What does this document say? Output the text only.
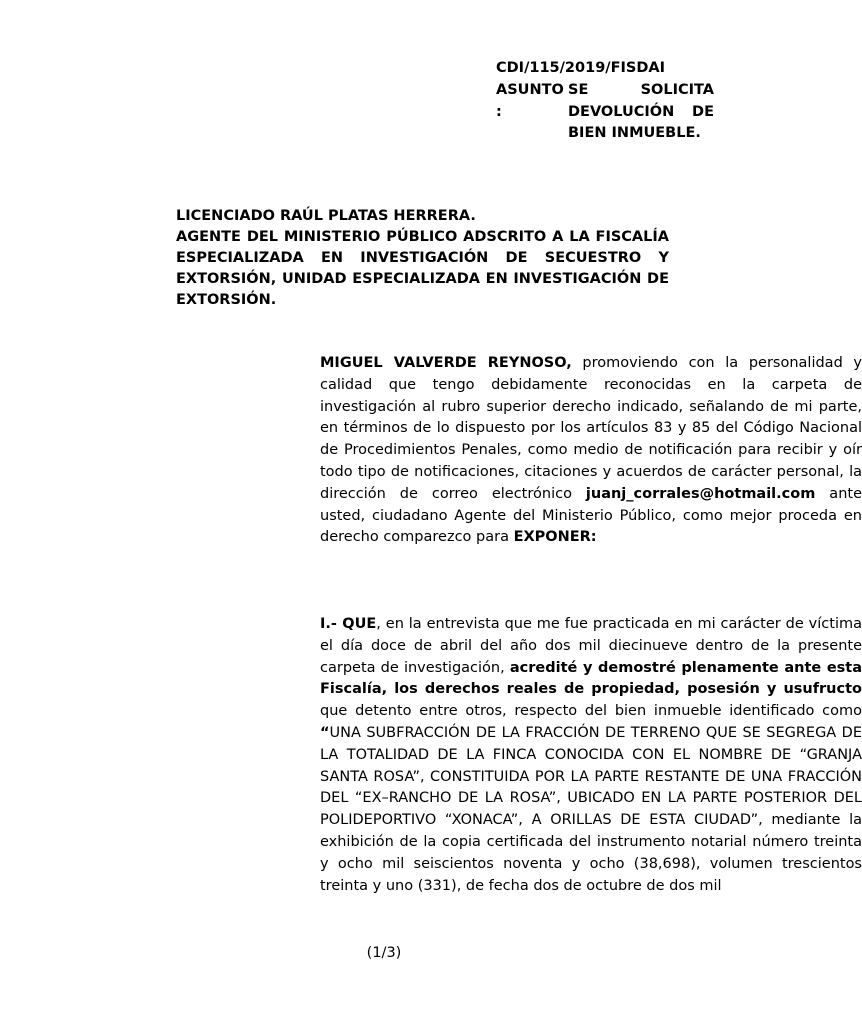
CDI/115/2019/FISDAI
ASUNTO :
SE SOLICITA DEVOLUCIÓN DE BIEN INMUEBLE.

LICENCIADO RAÚL PLATAS HERRERA.

AGENTE DEL MINISTERIO PÚBLICO ADSCRITO A LA FISCALÍA ESPECIALIZADA EN INVESTIGACIÓN DE SECUESTRO Y EXTORSIÓN, UNIDAD ESPECIALIZADA EN INVESTIGACIÓN DE EXTORSIÓN.

MIGUEL VALVERDE REYNOSO, promoviendo con la personalidad y calidad que tengo debidamente reconocidas en la carpeta de investigación al rubro superior derecho indicado, señalando de mi parte, en términos de lo dispuesto por los artículos 83 y 85 del Código Nacional de Procedimientos Penales, como medio de notificación para recibir y oír todo tipo de notificaciones, citaciones y acuerdos de carácter personal, la dirección de correo electrónico juanj_corrales@hotmail.com ante usted, ciudadano Agente del Ministerio Público, como mejor proceda en derecho comparezco para EXPONER:

I.- QUE, en la entrevista que me fue practicada en mi carácter de víctima el día doce de abril del año dos mil diecinueve dentro de la presente carpeta de investigación, acredité y demostré plenamente ante esta Fiscalía, los derechos reales de propiedad, posesión y usufructo que detento entre otros, respecto del bien inmueble identificado como “UNA SUBFRACCIÓN DE LA FRACCIÓN DE TERRENO QUE SE SEGREGA DE LA TOTALIDAD DE LA FINCA CONOCIDA CON EL NOMBRE DE “GRANJA SANTA ROSA”, CONSTITUIDA POR LA PARTE RESTANTE DE UNA FRACCIÓN DEL “EX–RANCHO DE LA ROSA”, UBICADO EN LA PARTE POSTERIOR DEL POLIDEPORTIVO “XONACA”, A ORILLAS DE ESTA CIUDAD”, mediante la exhibición de la copia certificada del instrumento notarial número treinta y ocho mil seiscientos noventa y ocho (38,698), volumen trescientos treinta y uno (331), de fecha dos de octubre de dos mil

(1/3)
